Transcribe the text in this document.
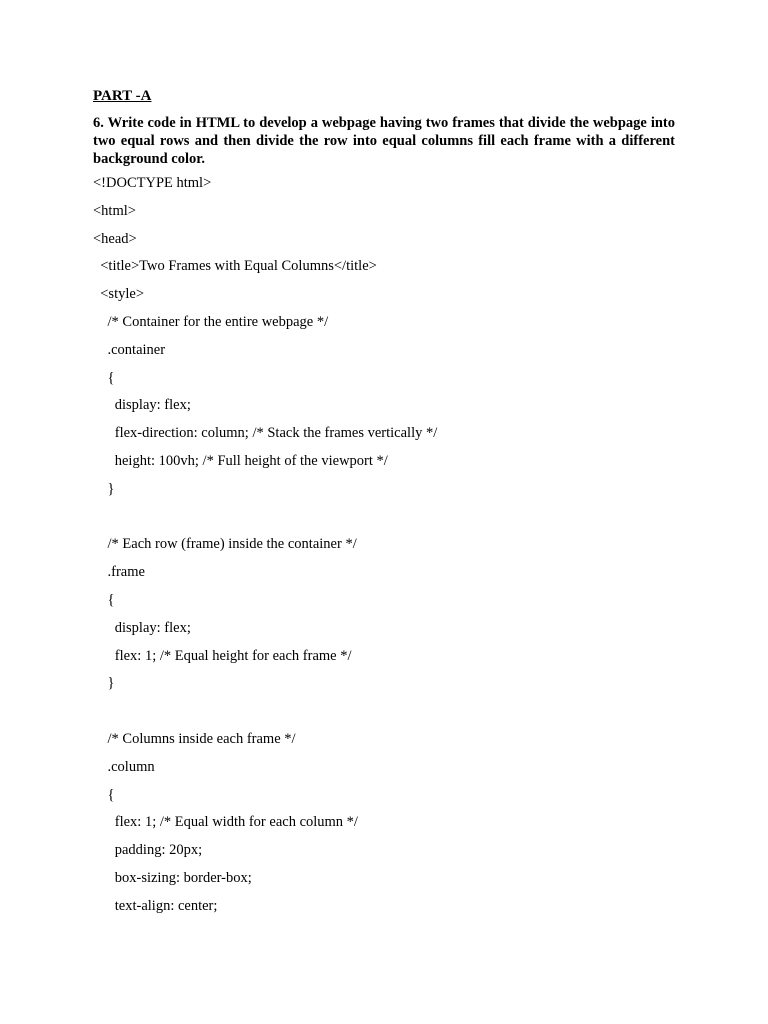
PART -A
6. Write code in HTML to develop a webpage having two frames that divide the webpage into two equal rows and then divide the row into equal columns fill each frame with a different background color.
<!DOCTYPE html>
<html>
<head>
<title>Two Frames with Equal Columns</title>
<style>
/* Container for the entire webpage */
.container
{
display: flex;
flex-direction: column; /* Stack the frames vertically */
height: 100vh; /* Full height of the viewport */
}
/* Each row (frame) inside the container */
.frame
{
display: flex;
flex: 1; /* Equal height for each frame */
}
/* Columns inside each frame */
.column
{
flex: 1; /* Equal width for each column */
padding: 20px;
box-sizing: border-box;
text-align: center;
